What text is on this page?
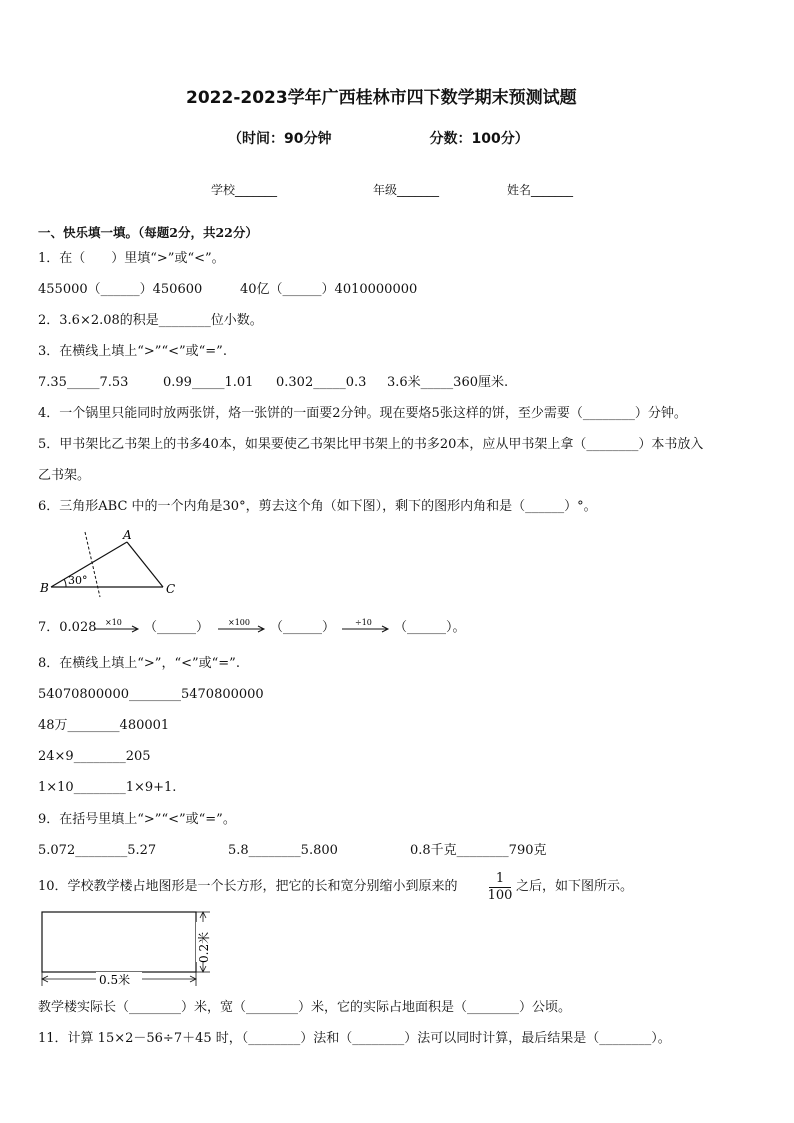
2022-2023学年广西桂林市四下数学期末预测试题
（时间：90分钟　　　　　　　分数：100分）
学校_______	年级_______	姓名_______
一、快乐填一填。（每题2分，共22分）
1．在（　　）里填“>”或“<”。
455000（______）450600	40亿（______）4010000000
2．3.6×2.08的积是________位小数。
3．在横线上填上“>”“<”或“=”.
7.35_____7.53	0.99_____1.01 0.302_____0.3 3.6米_____360厘米.
4．一个锅里只能同时放两张饼，烙一张饼的一面要2分钟。现在要烙5张这样的饼，至少需要（________）分钟。
5．甲书架比乙书架上的书多40本，如果要使乙书架比甲书架上的书多20本，应从甲书架上拿（________）本书放入
乙书架。
6．三角形ABC 中的一个内角是30°，剪去这个角（如下图），剩下的图形内角和是（______）°。
B
A
C
30°
7．0.028 ×10 （______） ×100 （______） ÷10 （______）。
8．在横线上填上“>”，“<”或“=”.
54070800000________5470800000
48万________480001
24×9________205
1×10________1×9+1.
9．在括号里填上“>”“<”或“=”。
5.072________5.27	5.8________5.800	0.8千克________790克
10．学校教学楼占地图形是一个长方形，把它的长和宽分别缩小到原来的
1
100
之后，如下图所示。
0.5米
0.2米
教学楼实际长（________）米，宽（________）米，它的实际占地面积是（________）公顷。
11．计算 15×2－56÷7＋45 时，（________）法和（________）法可以同时计算，最后结果是（________）。
